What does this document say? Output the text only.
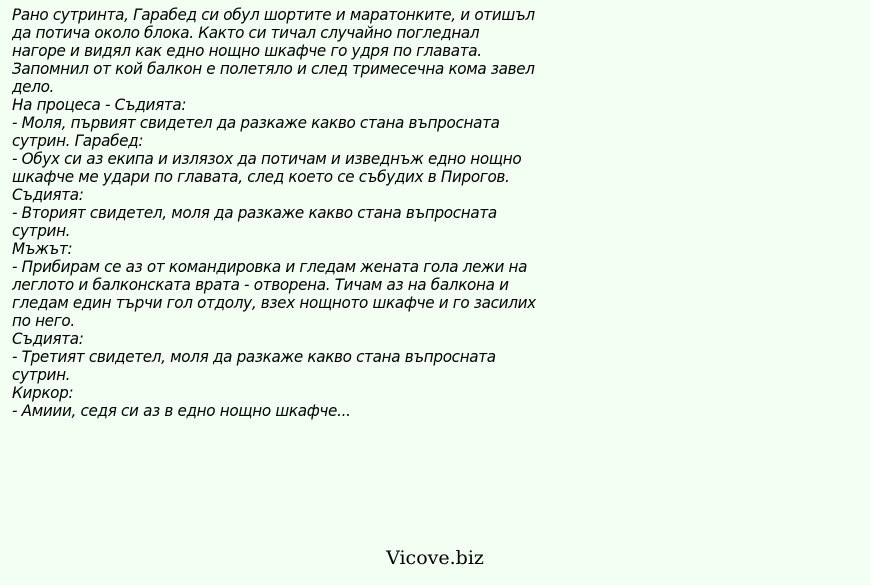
Рано сутринта, Гарабед си обул шортите и маратонките, и отишъл
да потича около блока. Както си тичал случайно погледнал
нагоре и видял как едно нощно шкафче го удря по главата.
Запомнил от кой балкон е полетяло и след тримесечна кома завел
дело.
На процеса - Съдията:
- Моля, първият свидетел да разкаже какво стана въпросната
сутрин. Гарабед:
- Обух си аз екипа и излязох да потичам и изведнъж едно нощно
шкафче ме удари по главата, след което се събудих в Пирогов.
Съдията:
- Вторият свидетел, моля да разкаже какво стана въпросната
сутрин.
Мъжът:
- Прибирам се аз от командировка и гледам жената гола лежи на
леглото и балконската врата - отворена. Тичам аз на балкона и
гледам един търчи гол отдолу, взех нощното шкафче и го засилих
по него.
Съдията:
- Третият свидетел, моля да разкаже какво стана въпросната
сутрин.
Киркор:
- Амиии, седя си аз в едно нощно шкафче...
Vicove.biz
